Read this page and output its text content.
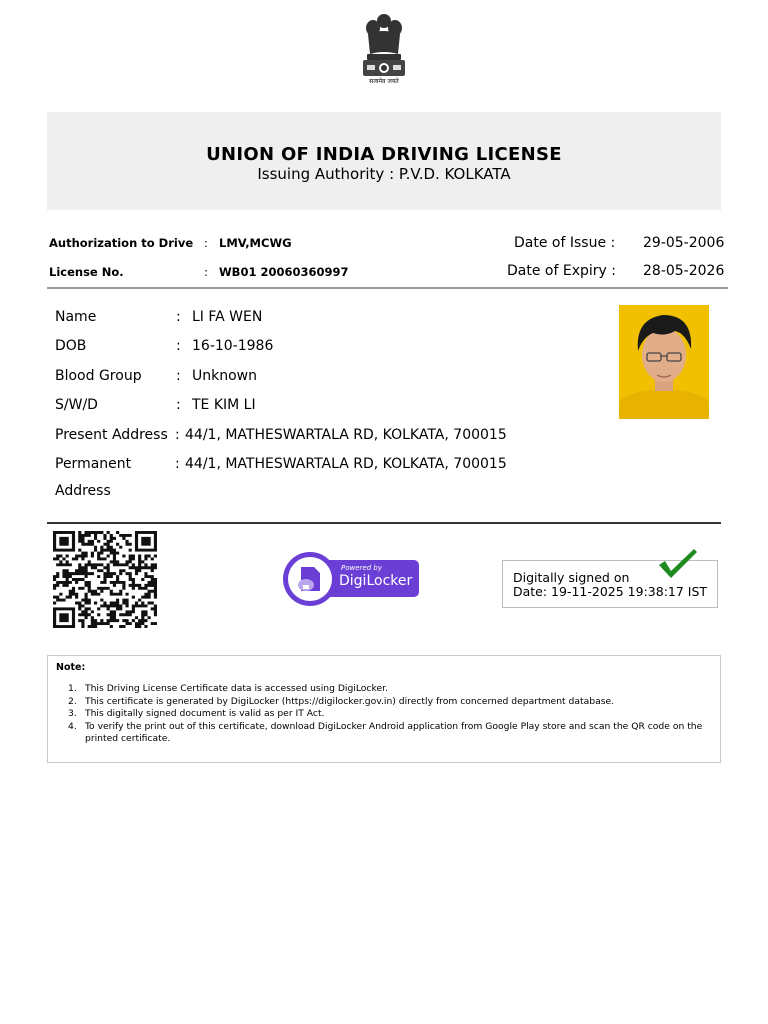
सत्यमेव जयते
UNION OF INDIA DRIVING LICENSE
Issuing Authority : P.V.D. KOLKATA
Authorization to Drive : LMV,MCWG
License No.	: WB01 20060360997
Date of Issue : 29-05-2006
Date of Expiry : 28-05-2026
Name	: LI FA WEN
DOB	: 16-10-1986
Blood Group : Unknown
S/W/D	: TE KIM LI
Present Address : 44/1, MATHESWARTALA RD, KOLKATA, 700015
Permanent
Address
: 44/1, MATHESWARTALA RD, KOLKATA, 700015
Powered by
DigiLocker	Digitally signed on
Date: 19-11-2025 19:38:17 IST
Note:
1. This Driving License Certificate data is accessed using DigiLocker.
2. This certificate is generated by DigiLocker (https://digilocker.gov.in) directly from concerned department database.
3. This digitally signed document is valid as per IT Act.
4. To verify the print out of this certificate, download DigiLocker Android application from Google Play store and scan the QR code on the printed certificate.
